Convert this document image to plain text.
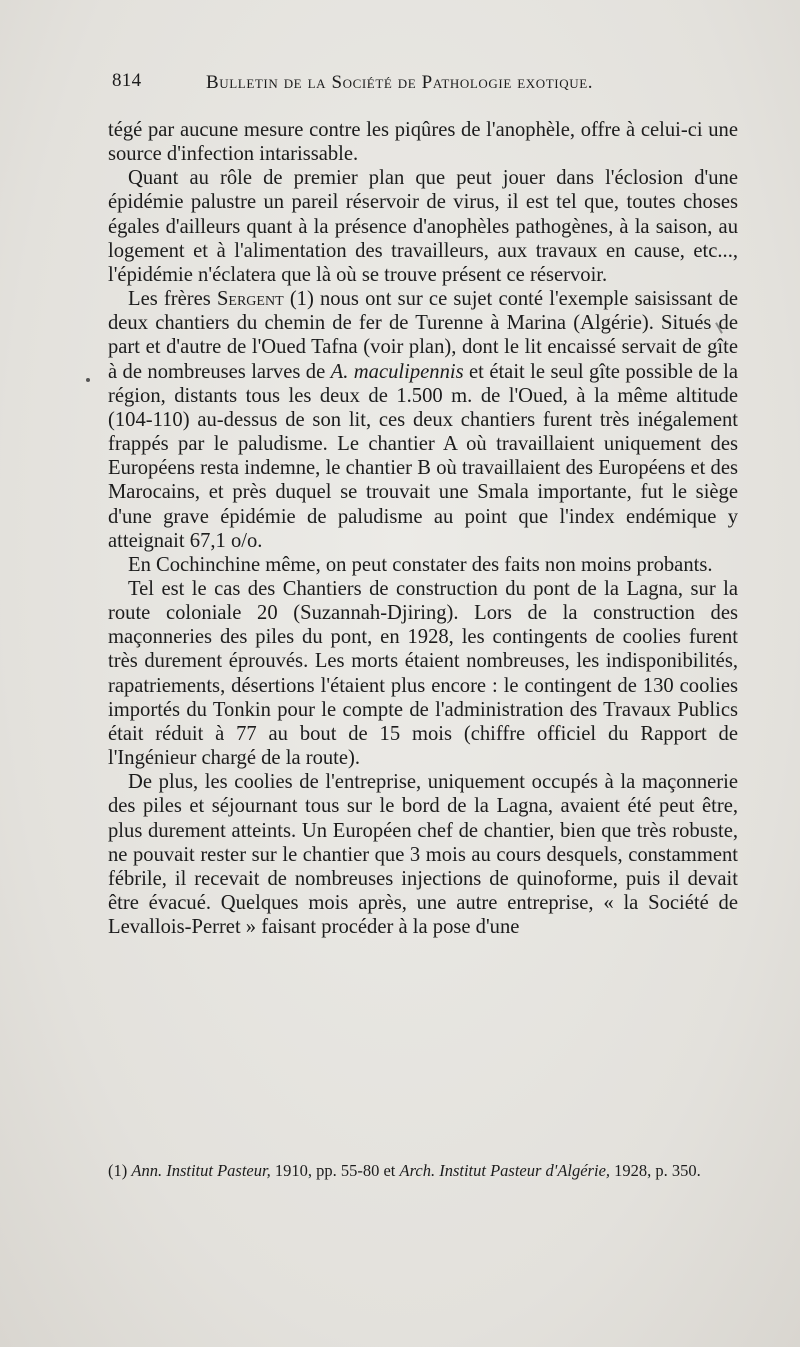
814	Bulletin de la Société de Pathologie exotique.

tégé par aucune mesure contre les piqûres de l'anophèle, offre à celui-ci une source d'infection intarissable.

Quant au rôle de premier plan que peut jouer dans l'éclosion d'une épidémie palustre un pareil réservoir de virus, il est tel que, toutes choses égales d'ailleurs quant à la présence d'anophèles pathogènes, à la saison, au logement et à l'alimentation des travailleurs, aux travaux en cause, etc..., l'épidémie n'éclatera que là où se trouve présent ce réservoir.

Les frères Sergent (1) nous ont sur ce sujet conté l'exemple saisissant de deux chantiers du chemin de fer de Turenne à Marina (Algérie). Situés de part et d'autre de l'Oued Tafna (voir plan), dont le lit encaissé servait de gîte à de nombreuses larves de A. maculipennis et était le seul gîte possible de la région, distants tous les deux de 1.500 m. de l'Oued, à la même altitude (104-110) au-dessus de son lit, ces deux chantiers furent très inégalement frappés par le paludisme. Le chantier A où travaillaient uniquement des Européens resta indemne, le chantier B où travaillaient des Européens et des Marocains, et près duquel se trouvait une Smala importante, fut le siège d'une grave épidémie de paludisme au point que l'index endémique y atteignait 67,1 o/o.

En Cochinchine même, on peut constater des faits non moins probants.

Tel est le cas des Chantiers de construction du pont de la Lagna, sur la route coloniale 20 (Suzannah-Djiring). Lors de la construction des maçonneries des piles du pont, en 1928, les contingents de coolies furent très durement éprouvés. Les morts étaient nombreuses, les indisponibilités, rapatriements, désertions l'étaient plus encore : le contingent de 130 coolies importés du Tonkin pour le compte de l'administration des Travaux Publics était réduit à 77 au bout de 15 mois (chiffre officiel du Rapport de l'Ingénieur chargé de la route).

De plus, les coolies de l'entreprise, uniquement occupés à la maçonnerie des piles et séjournant tous sur le bord de la Lagna, avaient été peut être, plus durement atteints. Un Européen chef de chantier, bien que très robuste, ne pouvait rester sur le chantier que 3 mois au cours desquels, constamment fébrile, il recevait de nombreuses injections de quinoforme, puis il devait être évacué. Quelques mois après, une autre entreprise, « la Société de Levallois-Perret » faisant procéder à la pose d'une

(1) Ann. Institut Pasteur, 1910, pp. 55-80 et Arch. Institut Pasteur d'Algérie, 1928, p. 350.
